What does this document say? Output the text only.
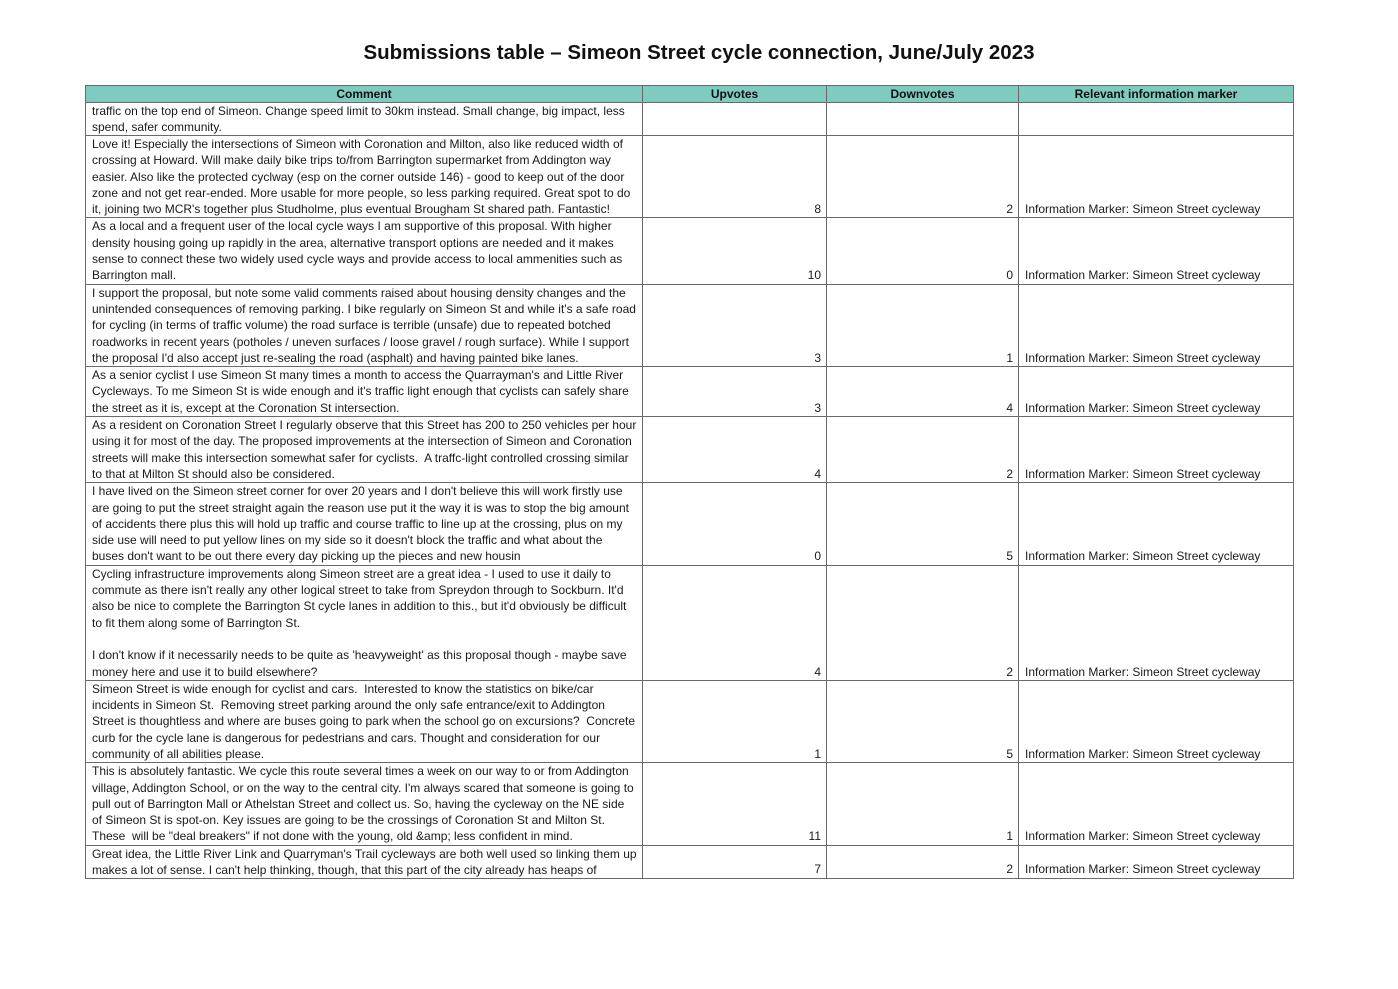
Submissions table – Simeon Street cycle connection, June/July 2023
Comment	Upvotes	Downvotes	Relevant information marker

traffic on the top end of Simeon. Change speed limit to 30km instead. Small change, big impact, less spend, safer community.			

Love it! Especially the intersections of Simeon with Coronation and Milton, also like reduced width of crossing at Howard. Will make daily bike trips to/from Barrington supermarket from Addington way easier. Also like the protected cyclway (esp on the corner outside 146) - good to keep out of the door zone and not get rear-ended. More usable for more people, so less parking required. Great spot to do it, joining two MCR's together plus Studholme, plus eventual Brougham St shared path. Fantastic!	8	2	Information Marker: Simeon Street cycleway
As a local and a frequent user of the local cycle ways I am supportive of this proposal. With higher density housing going up rapidly in the area, alternative transport options are needed and it makes sense to connect these two widely used cycle ways and provide access to local ammenities such as Barrington mall.	10	0	Information Marker: Simeon Street cycleway
I support the proposal, but note some valid comments raised about housing density changes and the unintended consequences of removing parking. I bike regularly on Simeon St and while it's a safe road for cycling (in terms of traffic volume) the road surface is terrible (unsafe) due to repeated botched roadworks in recent years (potholes / uneven surfaces / loose gravel / rough surface). While I support the proposal I'd also accept just re-sealing the road (asphalt) and having painted bike lanes.	3	1	Information Marker: Simeon Street cycleway
As a senior cyclist I use Simeon St many times a month to access the Quarrayman's and Little River Cycleways. To me Simeon St is wide enough and it's traffic light enough that cyclists can safely share the street as it is, except at the Coronation St intersection.	3	4	Information Marker: Simeon Street cycleway
As a resident on Coronation Street I regularly observe that this Street has 200 to 250 vehicles per hour using it for most of the day. The proposed improvements at the intersection of Simeon and Coronation streets will make this intersection somewhat safer for cyclists.  A traffc-light controlled crossing similar to that at Milton St should also be considered.	4	2	Information Marker: Simeon Street cycleway
I have lived on the Simeon street corner for over 20 years and I don't believe this will work firstly use are going to put the street straight again the reason use put it the way it is was to stop the big amount of accidents there plus this will hold up traffic and course traffic to line up at the crossing, plus on my side use will need to put yellow lines on my side so it doesn't block the traffic and what about the buses don't want to be out there every day picking up the pieces and new housin	0	5	Information Marker: Simeon Street cycleway
Cycling infrastructure improvements along Simeon street are a great idea - I used to use it daily to commute as there isn't really any other logical street to take from Spreydon through to Sockburn. It'd also be nice to complete the Barrington St cycle lanes in addition to this., but it'd obviously be difficult to fit them along some of Barrington St.

I don't know if it necessarily needs to be quite as 'heavyweight' as this proposal though - maybe save money here and use it to build elsewhere?	4	2	Information Marker: Simeon Street cycleway
Simeon Street is wide enough for cyclist and cars.  Interested to know the statistics on bike/car incidents in Simeon St.  Removing street parking around the only safe entrance/exit to Addington Street is thoughtless and where are buses going to park when the school go on excursions?  Concrete curb for the cycle lane is dangerous for pedestrians and cars. Thought and consideration for our community of all abilities please.	1	5	Information Marker: Simeon Street cycleway
This is absolutely fantastic. We cycle this route several times a week on our way to or from Addington village, Addington School, or on the way to the central city. I'm always scared that someone is going to pull out of Barrington Mall or Athelstan Street and collect us. So, having the cycleway on the NE side of Simeon St is spot-on. Key issues are going to be the crossings of Coronation St and Milton St. These  will be "deal breakers" if not done with the young, old &amp; less confident in mind.	11	1	Information Marker: Simeon Street cycleway

Great idea, the Little River Link and Quarryman's Trail cycleways are both well used so linking them up makes a lot of sense. I can't help thinking, though, that this part of the city already has heaps of	7	2	Information Marker: Simeon Street cycleway
